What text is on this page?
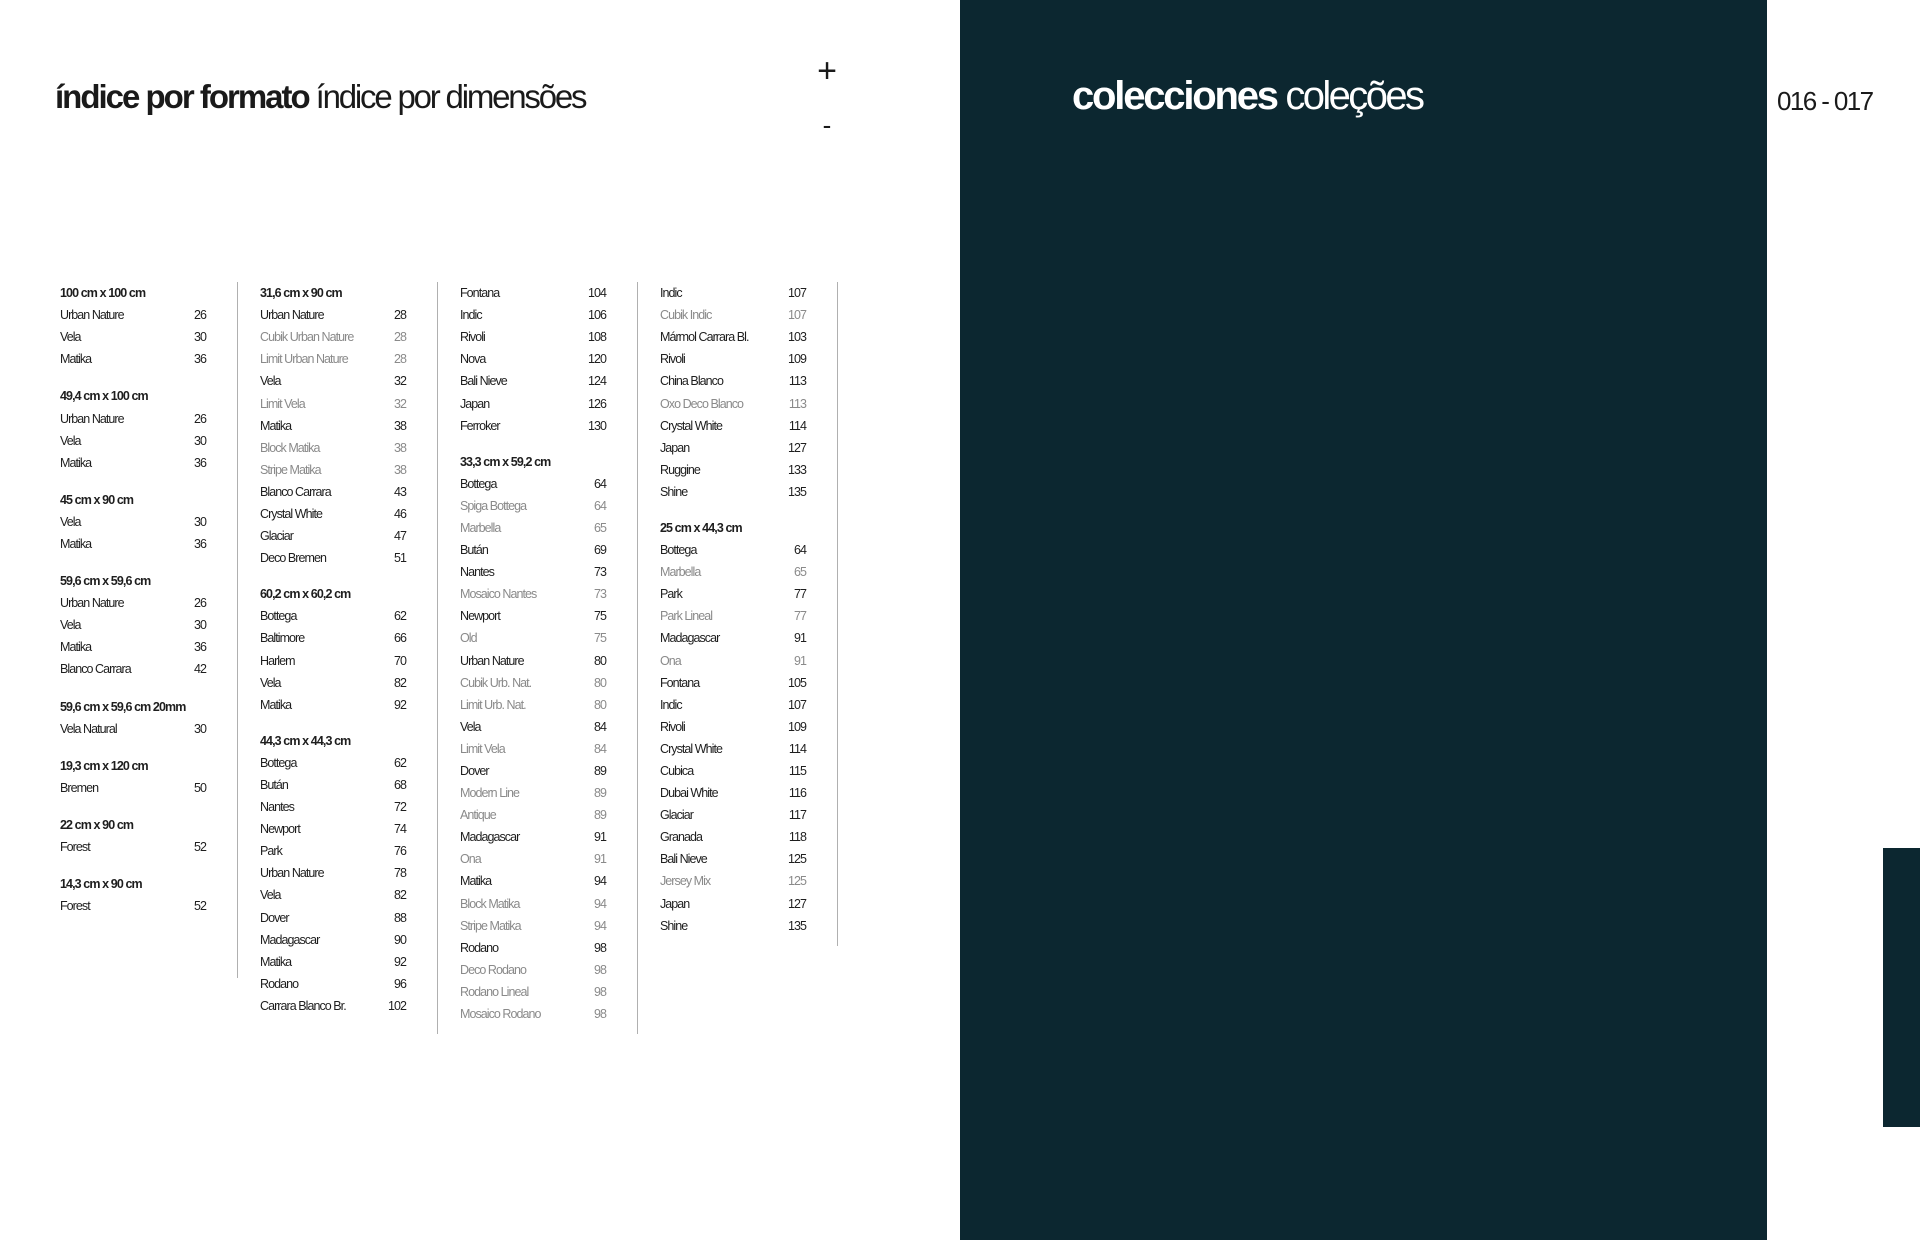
índice por formato índice por dimensões
+
-
100 cm x 100 cm
Urban Nature	26
Vela	30
Matika	36
49,4 cm x 100 cm
Urban Nature	26
Vela	30
Matika	36
45 cm x 90 cm
Vela	30
Matika	36
59,6 cm x 59,6 cm
Urban Nature	26
Vela	30
Matika	36
Blanco Carrara	42
59,6 cm x 59,6 cm 20mm
Vela Natural	30
19,3 cm x 120 cm
Bremen	50
22 cm x 90 cm
Forest	52
14,3 cm x 90 cm
Forest	52
31,6 cm x 90 cm
Urban Nature	28
Cubik Urban Nature	28
Limit Urban Nature	28
Vela	32
Limit Vela	32
Matika	38
Block Matika	38
Stripe Matika	38
Blanco Carrara	43
Crystal White	46
Glaciar	47
Deco Bremen	51
60,2 cm x 60,2 cm
Bottega	62
Baltimore	66
Harlem	70
Vela	82
Matika	92
44,3 cm x 44,3 cm
Bottega	62
Bután	68
Nantes	72
Newport	74
Park	76
Urban Nature	78
Vela	82
Dover	88
Madagascar	90
Matika	92
Rodano	96
Carrara Blanco Br.	102
Fontana	104
Indic	106
Rivoli	108
Nova	120
Bali Nieve	124
Japan	126
Ferroker	130
33,3 cm x 59,2 cm
Bottega	64
Spiga Bottega	64
Marbella	65
Bután	69
Nantes	73
Mosaico Nantes	73
Newport	75
Old	75
Urban Nature	80
Cubik Urb. Nat.	80
Limit Urb. Nat.	80
Vela	84
Limit Vela	84
Dover	89
Modern Line	89
Antique	89
Madagascar	91
Ona	91
Matika	94
Block Matika	94
Stripe Matika	94
Rodano	98
Deco Rodano	98
Rodano Lineal	98
Mosaico Rodano	98
Indic	107
Cubik Indic	107
Mármol Carrara Bl.	103
Rivoli	109
China Blanco	113
Oxo Deco Blanco	113
Crystal White	114
Japan	127
Ruggine	133
Shine	135
25 cm x 44,3 cm
Bottega	64
Marbella	65
Park	77
Park Lineal	77
Madagascar	91
Ona	91
Fontana	105
Indic	107
Rivoli	109
Crystal White	114
Cubica	115
Dubai White	116
Glaciar	117
Granada	118
Bali Nieve	125
Jersey Mix	125
Japan	127
Shine	135
colecciones coleções	016 - 017
